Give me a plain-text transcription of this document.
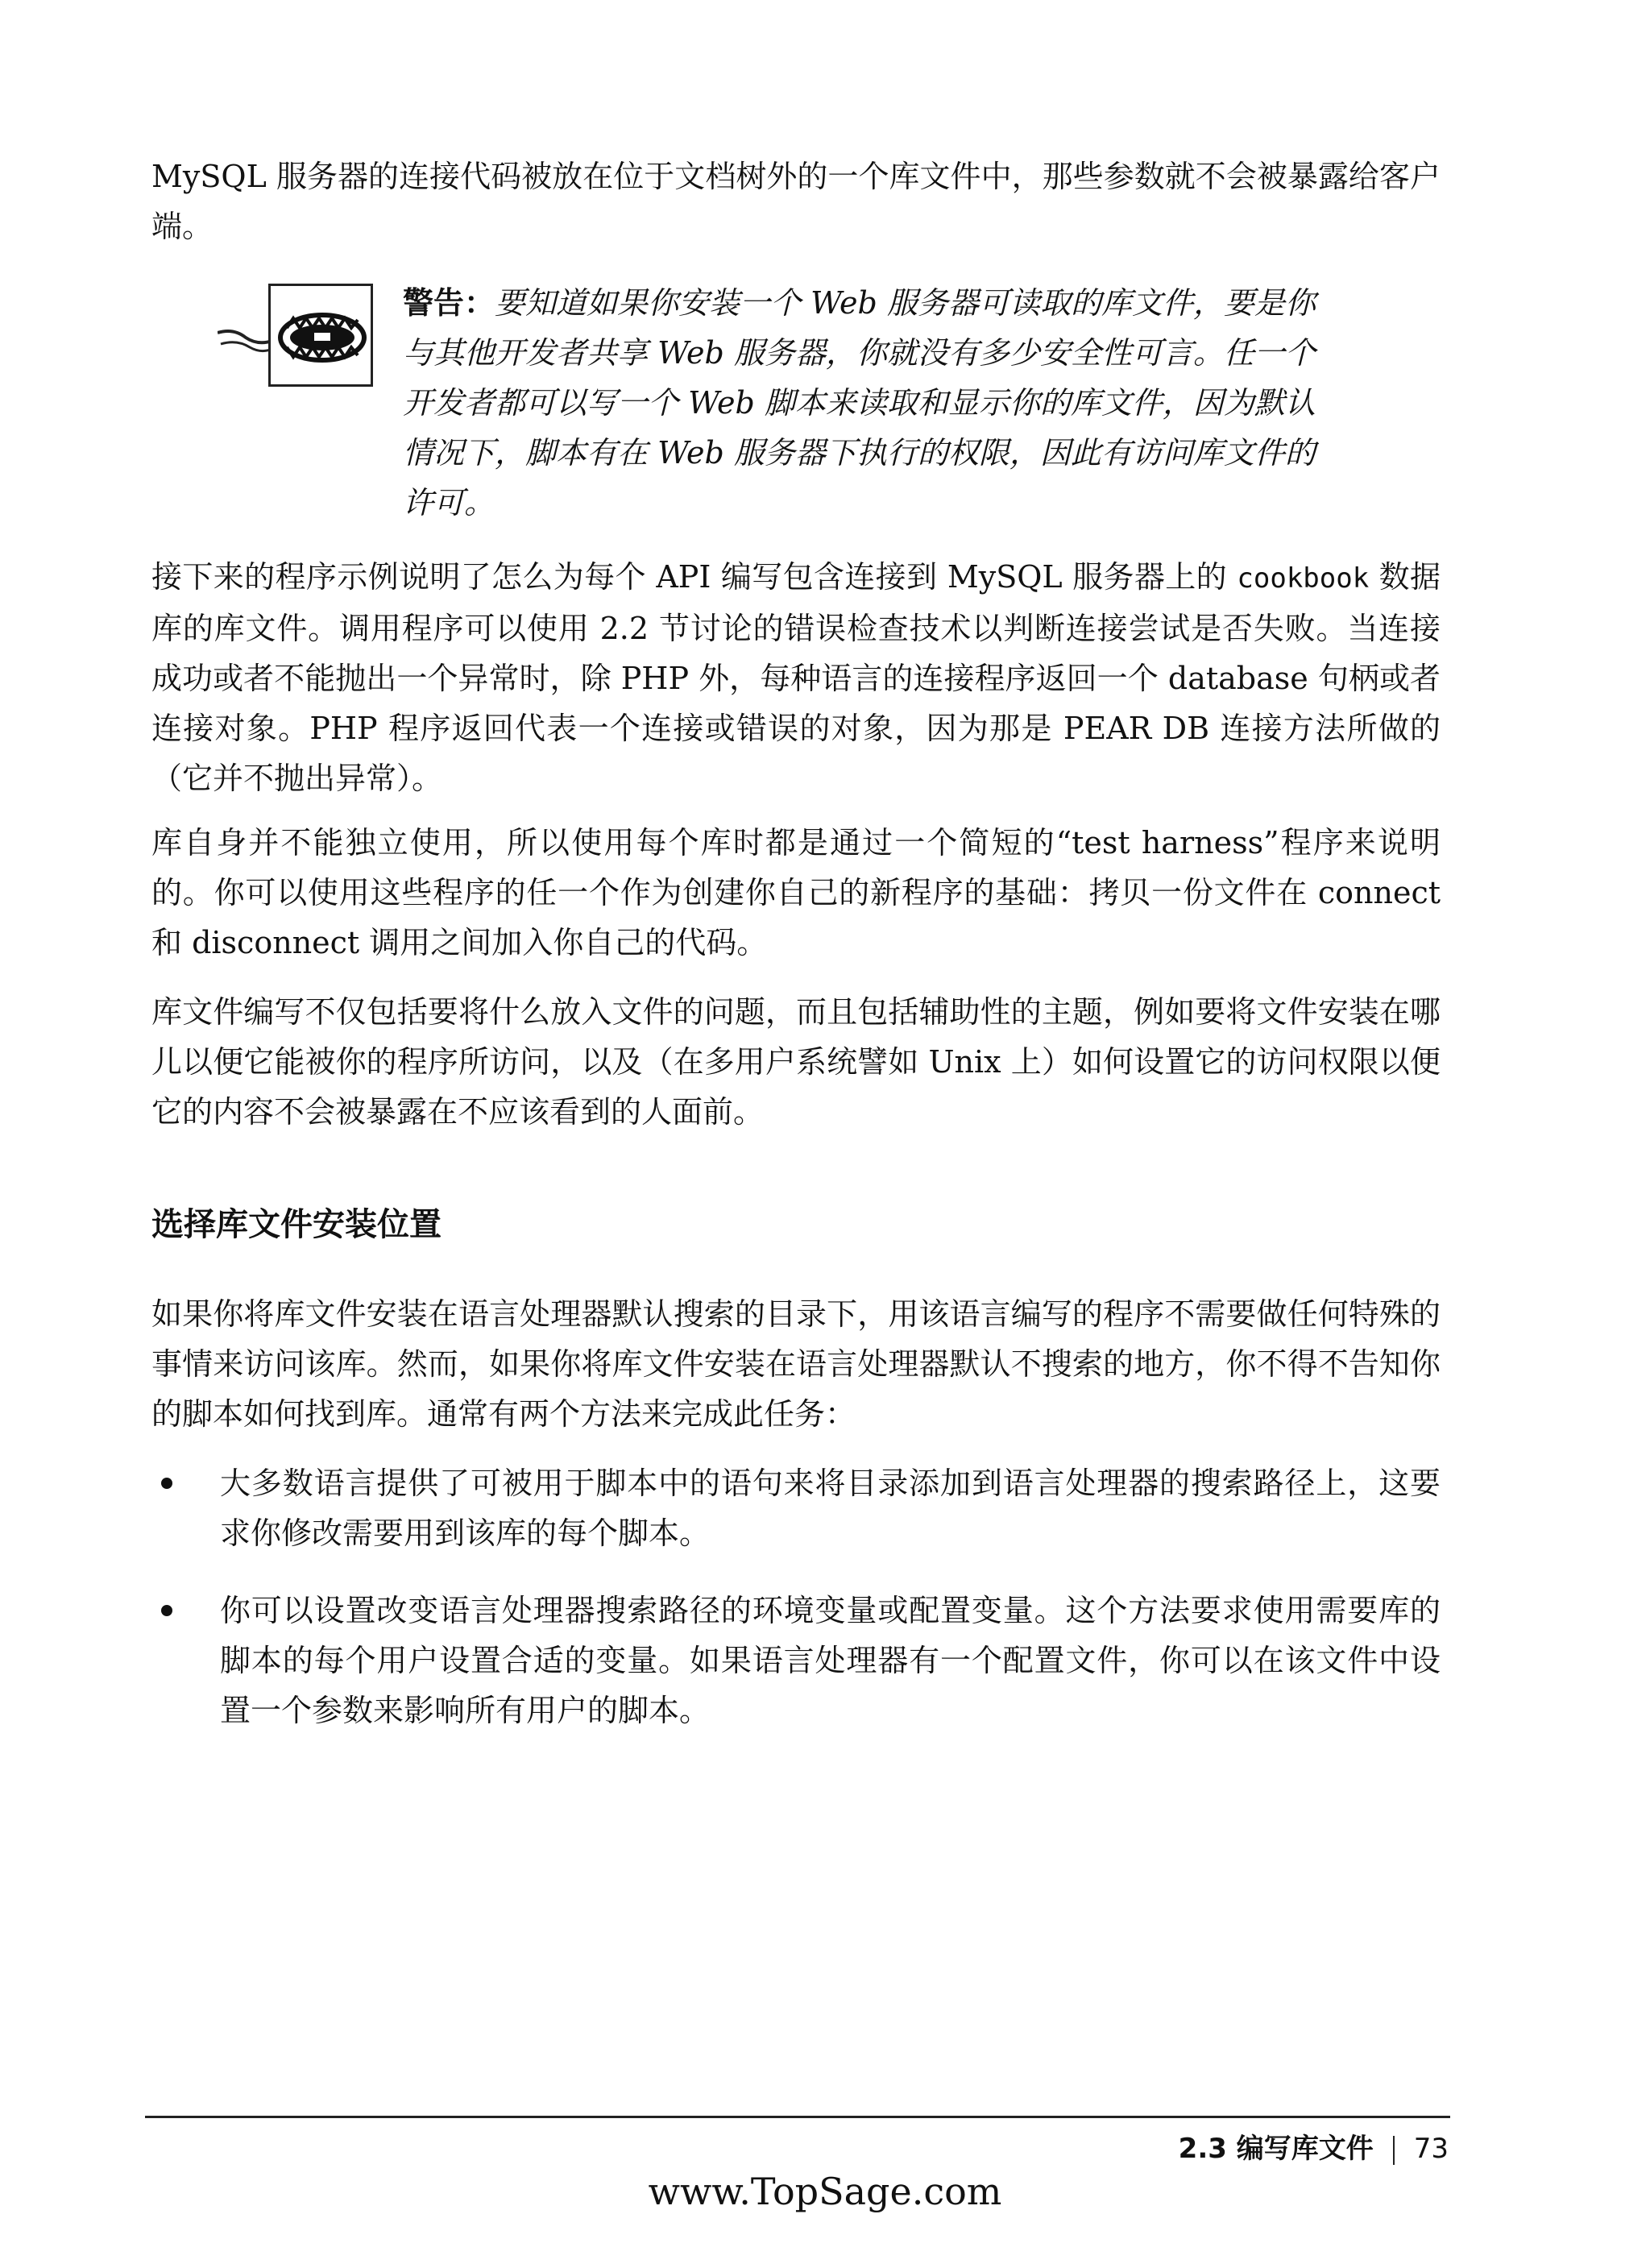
MySQL 服务器的连接代码被放在位于文档树外的一个库文件中，那些参数就不会被暴露给客户端。

警告：要知道如果你安装一个 Web 服务器可读取的库文件，要是你与其他开发者共享 Web 服务器，你就没有多少安全性可言。任一个开发者都可以写一个 Web 脚本来读取和显示你的库文件，因为默认情况下，脚本有在 Web 服务器下执行的权限，因此有访问库文件的许可。

接下来的程序示例说明了怎么为每个 API 编写包含连接到 MySQL 服务器上的 cookbook 数据库的库文件。调用程序可以使用 2.2 节讨论的错误检查技术以判断连接尝试是否失败。当连接成功或者不能抛出一个异常时，除 PHP 外，每种语言的连接程序返回一个 database 句柄或者连接对象。PHP 程序返回代表一个连接或错误的对象，因为那是 PEAR DB 连接方法所做的（它并不抛出异常）。

库自身并不能独立使用，所以使用每个库时都是通过一个简短的“test harness”程序来说明的。你可以使用这些程序的任一个作为创建你自己的新程序的基础：拷贝一份文件在 connect 和 disconnect 调用之间加入你自己的代码。

库文件编写不仅包括要将什么放入文件的问题，而且包括辅助性的主题，例如要将文件安装在哪儿以便它能被你的程序所访问，以及（在多用户系统譬如 Unix 上）如何设置它的访问权限以便它的内容不会被暴露在不应该看到的人面前。

选择库文件安装位置

如果你将库文件安装在语言处理器默认搜索的目录下，用该语言编写的程序不需要做任何特殊的事情来访问该库。然而，如果你将库文件安装在语言处理器默认不搜索的地方，你不得不告知你的脚本如何找到库。通常有两个方法来完成此任务：

大多数语言提供了可被用于脚本中的语句来将目录添加到语言处理器的搜索路径上，这要求你修改需要用到该库的每个脚本。
你可以设置改变语言处理器搜索路径的环境变量或配置变量。这个方法要求使用需要库的脚本的每个用户设置合适的变量。如果语言处理器有一个配置文件，你可以在该文件中设置一个参数来影响所有用户的脚本。
2.3 编写库文件 73
www.TopSage.com
